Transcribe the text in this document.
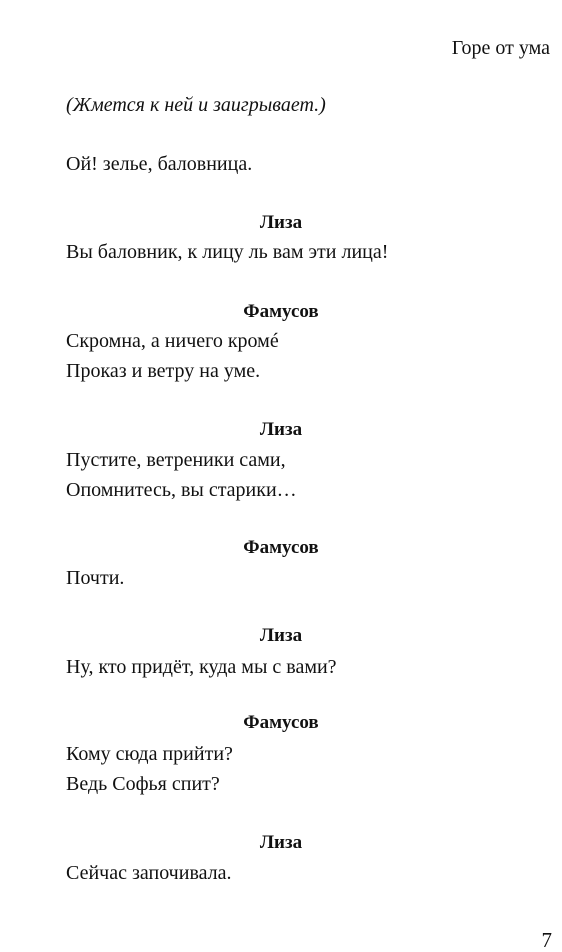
Горе от ума
(Жмется к ней и заигрывает.)
Ой! зелье, баловница.
Лиза
Вы баловник, к лицу ль вам эти лица!
Фамусов
Скромна, а ничего кромé
Проказ и ветру на уме.
Лиза
Пустите, ветреники сами,
Опомнитесь, вы старики…
Фамусов
Почти.
Лиза
Ну, кто придёт, куда мы с вами?
Фамусов
Кому сюда прийти?
Ведь Софья спит?
Лиза
Сейчас започивала.
7
